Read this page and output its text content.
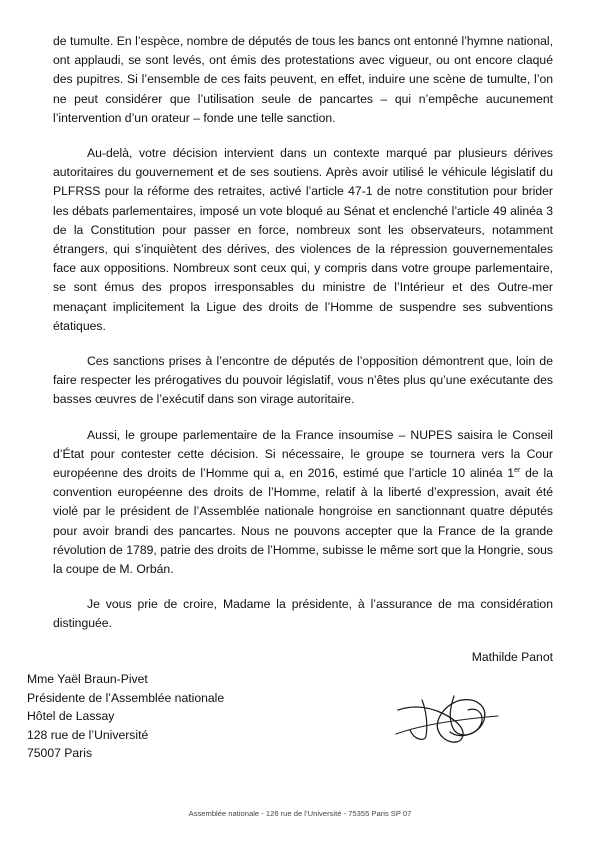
de tumulte. En l’espèce, nombre de députés de tous les bancs ont entonné l’hymne national, ont applaudi, se sont levés, ont émis des protestations avec vigueur, ou ont encore claqué des pupitres. Si l’ensemble de ces faits peuvent, en effet, induire une scène de tumulte, l’on ne peut considérer que l’utilisation seule de pancartes – qui n’empêche aucunement l’intervention d’un orateur – fonde une telle sanction.

Au-delà, votre décision intervient dans un contexte marqué par plusieurs dérives autoritaires du gouvernement et de ses soutiens. Après avoir utilisé le véhicule législatif du PLFRSS pour la réforme des retraites, activé l’article 47-1 de notre constitution pour brider les débats parlementaires, imposé un vote bloqué au Sénat et enclenché l’article 49 alinéa 3 de la Constitution pour passer en force, nombreux sont les observateurs, notamment étrangers, qui s’inquiètent des dérives, des violences de la répression gouvernementales face aux oppositions. Nombreux sont ceux qui, y compris dans votre groupe parlementaire, se sont émus des propos irresponsables du ministre de l’Intérieur et des Outre-mer menaçant implicitement la Ligue des droits de l’Homme de suspendre ses subventions étatiques.

Ces sanctions prises à l’encontre de députés de l’opposition démontrent que, loin de faire respecter les prérogatives du pouvoir législatif, vous n’êtes plus qu’une exécutante des basses œuvres de l’exécutif dans son virage autoritaire.

Aussi, le groupe parlementaire de la France insoumise – NUPES saisira le Conseil d’État pour contester cette décision. Si nécessaire, le groupe se tournera vers la Cour européenne des droits de l’Homme qui a, en 2016, estimé que l’article 10 alinéa 1er de la convention européenne des droits de l’Homme, relatif à la liberté d’expression, avait été violé par le président de l’Assemblée nationale hongroise en sanctionnant quatre députés pour avoir brandi des pancartes. Nous ne pouvons accepter que la France de la grande révolution de 1789, patrie des droits de l’Homme, subisse le même sort que la Hongrie, sous la coupe de M. Orbán.

Je vous prie de croire, Madame la présidente, à l’assurance de ma considération distinguée.

Mathilde Panot
Mme Yaël Braun-Pivet
Présidente de l’Assemblée nationale
Hôtel de Lassay
128 rue de l’Université
75007 Paris
Assemblée nationale - 126 rue de l’Université - 75355 Paris SP 07
